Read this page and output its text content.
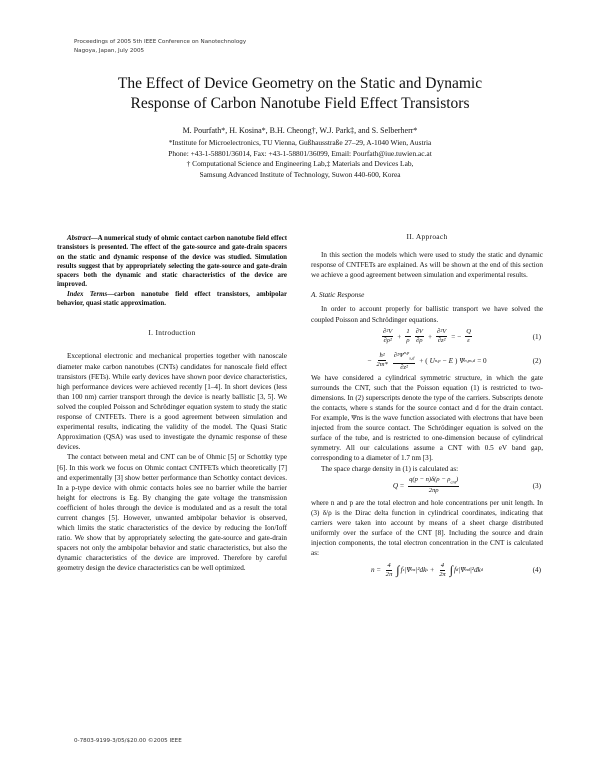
Proceedings of 2005 5th IEEE Conference on Nanotechnology
Nagoya, Japan, July 2005
The Effect of Device Geometry on the Static and Dynamic
Response of Carbon Nanotube Field Effect Transistors
M. Pourfath*, H. Kosina*, B.H. Cheong†, W.J. Park‡, and S. Selberherr*
*Institute for Microelectronics, TU Vienna, Gußhausstraße 27–29, A-1040 Wien, Austria
Phone: +43-1-58801/36014, Fax: +43-1-58801/36099, Email: Pourfath@iue.tuwien.ac.at
† Computational Science and Engineering Lab,‡ Materials and Devices Lab,
Samsung Advanced Institute of Technology, Suwon 440-600, Korea

Abstract—A numerical study of ohmic contact carbon nanotube field effect transistors is presented. The effect of the gate-source and gate-drain spacers on the static and dynamic response of the device was studied. Simulation results suggest that by appropriately selecting the gate-source and gate-drain spacers both the dynamic and static characteristics of the device are improved.

Index Terms—carbon nanotube field effect transistors, ambipolar behavior, quasi static approximation.

I. Introduction

Exceptional electronic and mechanical properties together with nanoscale diameter make carbon nanotubes (CNTs) candidates for nanoscale field effect transistors (FETs). While early devices have shown poor device characteristics, high performance devices were achieved recently [1–4]. In short devices (less than 100 nm) carrier transport through the device is nearly ballistic [3, 5]. We solved the coupled Poisson and Schrödinger equation system to study the static response of CNTFETs. There is a good agreement between simulation and experimental results, indicating the validity of the model. The Quasi Static Approximation (QSA) was used to investigate the dynamic response of these devices.

The contact between metal and CNT can be of Ohmic [5] or Schottky type [6]. In this work we focus on Ohmic contact CNTFETs which theoretically [7] and experimentally [3] show better performance than Schottky contact devices. In a p-type device with ohmic contacts holes see no barrier while the barrier height for electrons is Eg. By changing the gate voltage the transmission coefficient of holes through the device is modulated and as a result the total current changes [5]. However, unwanted ambipolar behavior is observed, which limits the static characteristics of the device by reducing the Ion/Ioff ratio. We show that by appropriately selecting the gate-source and gate-drain spacers not only the ambipolar behavior and static characteristics, but also the dynamic characteristics of the device are improved. Therefore by careful geometry design the device characteristics can be well optimized.

II. Approach

In this section the models which were used to study the static and dynamic response of CNTFETs are explained. As will be shown at the end of this section we achieve a good agreement between simulation and experimental results.

A. Static Response

In order to account properly for ballistic transport we have solved the coupled Poisson and Schrödinger equations.

$\frac{\text{∂²V}}{\text{∂ρ²}} + \frac{1}{\rho} \frac{\partial V}{\partial\rho} + \frac{\text{∂²V}}{\text{∂z²}}$ = − $\frac{Q}{\varepsilon}$	(1)
− $\frac{\text{ħ²}}{2m*} \frac{\partial^2\Psi^{n,p}_{s,d}}{\text{∂z²}}$ + ( U n,p − E ) Ψ n,p s,d = 0	(2)

We have considered a cylindrical symmetric structure, in which the gate surrounds the CNT, such that the Poisson equation (1) is restricted to two-dimensions. In (2) superscripts denote the type of the carriers. Subscripts denote the contacts, where s stands for the source contact and d for the drain contact. For example, Ψns is the wave function associated with electrons that have been injected from the source contact. The Schrödinger equation is solved on the surface of the tube, and is restricted to one-dimension because of cylindrical symmetry. All our calculations assume a CNT with 0.5 eV band gap, corresponding to a diameter of 1.7 nm [3].

The space charge density in (1) is calculated as:

$Q = \frac{q(p - n)\delta(\rho - \rho_{cnt})}{2\pi\rho}$	(3)

where n and p are the total electron and hole concentrations per unit length. In (3) δ/ρ is the Dirac delta function in cylindrical coordinates, indicating that carriers were taken into account by means of a sheet charge distributed uniformly over the surface of the CNT [8]. Including the source and drain injection components, the total electron concentration in the CNT is calculated as:

$n = \frac{4}{2\pi}$ ∫ f s |Ψ n s |²dk $s + \frac{4}{2\pi}$ ∫ f d |Ψ n d |²dk d	(4)
0-7803-9199-3/05/$20.00 ©2005 IEEE
